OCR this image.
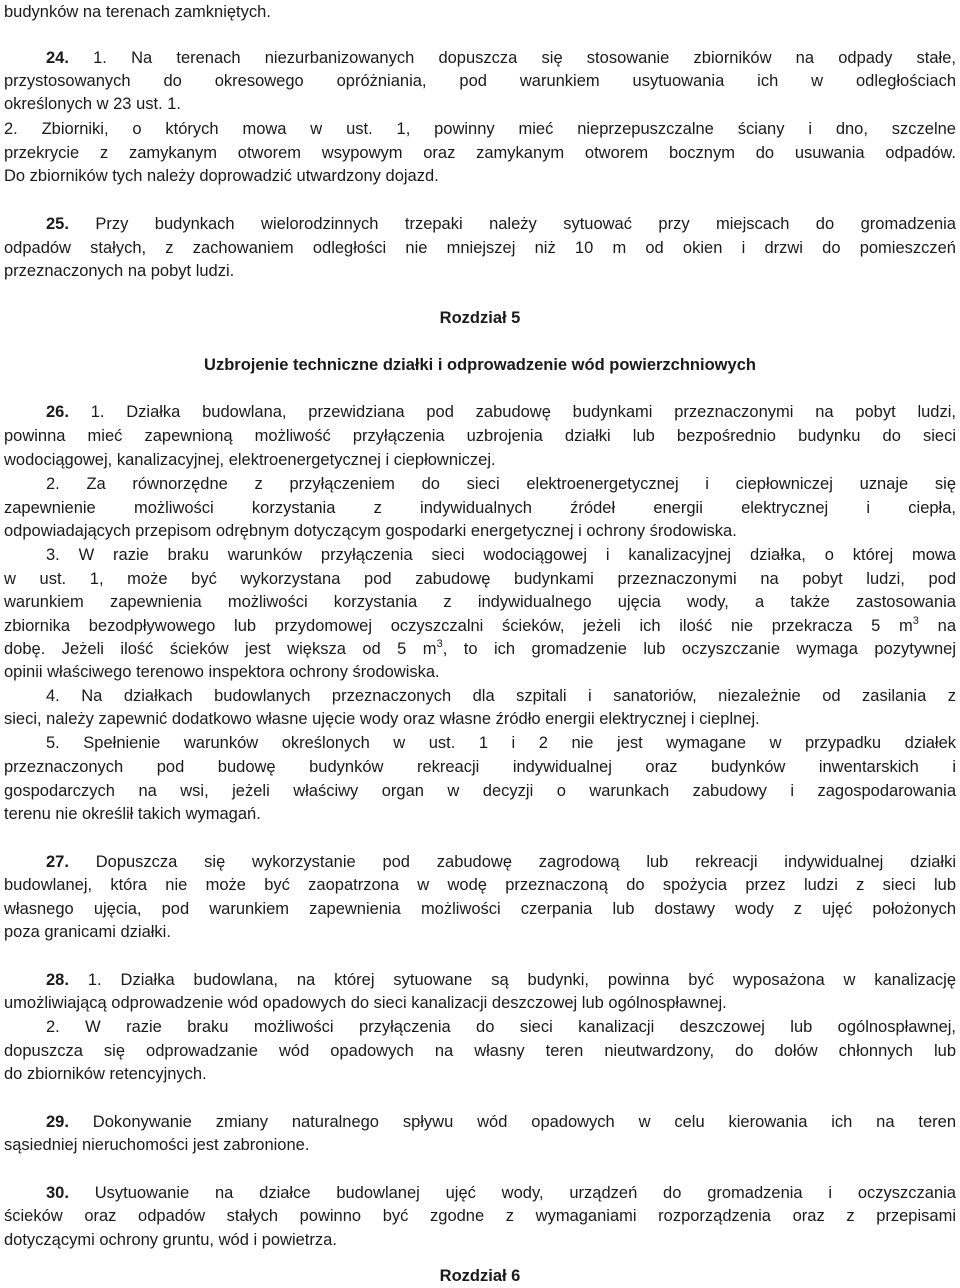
budynków na terenach zamkniętych.
24. 1. Na terenach niezurbanizowanych dopuszcza się stosowanie zbiorników na odpady stałe,
przystosowanych do okresowego opróżniania, pod warunkiem usytuowania ich w odległościach
określonych w 23 ust. 1.
2. Zbiorniki, o których mowa w ust. 1, powinny mieć nieprzepuszczalne ściany i dno, szczelne
przekrycie z zamykanym otworem wsypowym oraz zamykanym otworem bocznym do usuwania odpadów.
Do zbiorników tych należy doprowadzić utwardzony dojazd.
25. Przy budynkach wielorodzinnych trzepaki należy sytuować przy miejscach do gromadzenia
odpadów stałych, z zachowaniem odległości nie mniejszej niż 10 m od okien i drzwi do pomieszczeń
przeznaczonych na pobyt ludzi.
Rozdział 5
Uzbrojenie techniczne działki i odprowadzenie wód powierzchniowych
26. 1. Działka budowlana, przewidziana pod zabudowę budynkami przeznaczonymi na pobyt ludzi,
powinna mieć zapewnioną możliwość przyłączenia uzbrojenia działki lub bezpośrednio budynku do sieci
wodociągowej, kanalizacyjnej, elektroenergetycznej i ciepłowniczej.
2. Za równorzędne z przyłączeniem do sieci elektroenergetycznej i ciepłowniczej uznaje się
zapewnienie możliwości korzystania z indywidualnych źródeł energii elektrycznej i ciepła,
odpowiadających przepisom odrębnym dotyczącym gospodarki energetycznej i ochrony środowiska.
3. W razie braku warunków przyłączenia sieci wodociągowej i kanalizacyjnej działka, o której mowa
w ust. 1, może być wykorzystana pod zabudowę budynkami przeznaczonymi na pobyt ludzi, pod
warunkiem zapewnienia możliwości korzystania z indywidualnego ujęcia wody, a także zastosowania
zbiornika bezodpływowego lub przydomowej oczyszczalni ścieków, jeżeli ich ilość nie przekracza 5 $m^3$ na
dobę. Jeżeli ilość ścieków jest większa od 5 $m^3$, to ich gromadzenie lub oczyszczanie wymaga pozytywnej
opinii właściwego terenowo inspektora ochrony środowiska.
4. Na działkach budowlanych przeznaczonych dla szpitali i sanatoriów, niezależnie od zasilania z
sieci, należy zapewnić dodatkowo własne ujęcie wody oraz własne źródło energii elektrycznej i cieplnej.
5. Spełnienie warunków określonych w ust. 1 i 2 nie jest wymagane w przypadku działek
przeznaczonych pod budowę budynków rekreacji indywidualnej oraz budynków inwentarskich i
gospodarczych na wsi, jeżeli właściwy organ w decyzji o warunkach zabudowy i zagospodarowania
terenu nie określił takich wymagań.
27. Dopuszcza się wykorzystanie pod zabudowę zagrodową lub rekreacji indywidualnej działki
budowlanej, która nie może być zaopatrzona w wodę przeznaczoną do spożycia przez ludzi z sieci lub
własnego ujęcia, pod warunkiem zapewnienia możliwości czerpania lub dostawy wody z ujęć położonych
poza granicami działki.
28. 1. Działka budowlana, na której sytuowane są budynki, powinna być wyposażona w kanalizację
umożliwiającą odprowadzenie wód opadowych do sieci kanalizacji deszczowej lub ogólnospławnej.
2. W razie braku możliwości przyłączenia do sieci kanalizacji deszczowej lub ogólnospławnej,
dopuszcza się odprowadzanie wód opadowych na własny teren nieutwardzony, do dołów chłonnych lub
do zbiorników retencyjnych.
29. Dokonywanie zmiany naturalnego spływu wód opadowych w celu kierowania ich na teren
sąsiedniej nieruchomości jest zabronione.
30. Usytuowanie na działce budowlanej ujęć wody, urządzeń do gromadzenia i oczyszczania
ścieków oraz odpadów stałych powinno być zgodne z wymaganiami rozporządzenia oraz z przepisami
dotyczącymi ochrony gruntu, wód i powietrza.
Rozdział 6
